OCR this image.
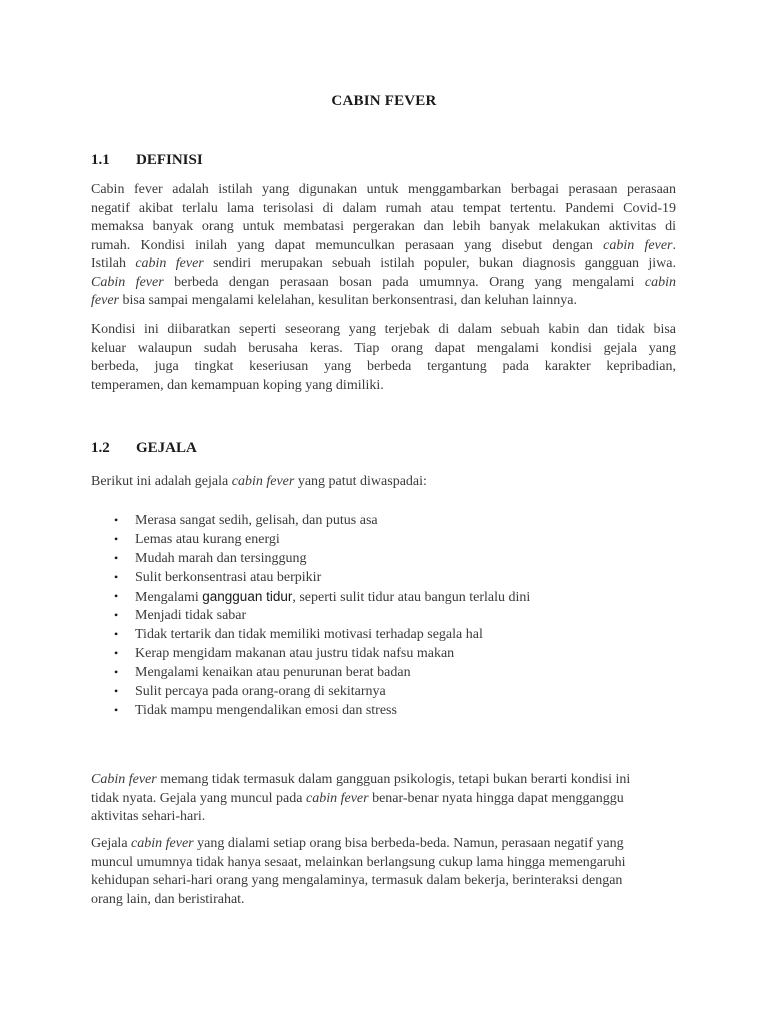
CABIN FEVER
1.1 DEFINISI
Cabin fever adalah istilah yang digunakan untuk menggambarkan berbagai perasaan perasaan
negatif akibat terlalu lama terisolasi di dalam rumah atau tempat tertentu. Pandemi Covid-19
memaksa banyak orang untuk membatasi pergerakan dan lebih banyak melakukan aktivitas di
rumah. Kondisi inilah yang dapat memunculkan perasaan yang disebut dengan cabin fever.
Istilah cabin fever sendiri merupakan sebuah istilah populer, bukan diagnosis gangguan jiwa.
Cabin fever berbeda dengan perasaan bosan pada umumnya. Orang yang mengalami cabin
fever bisa sampai mengalami kelelahan, kesulitan berkonsentrasi, dan keluhan lainnya.
Kondisi ini diibaratkan seperti seseorang yang terjebak di dalam sebuah kabin dan tidak bisa
keluar walaupun sudah berusaha keras. Tiap orang dapat mengalami kondisi gejala yang
berbeda, juga tingkat keseriusan yang berbeda tergantung pada karakter kepribadian,
temperamen, dan kemampuan koping yang dimiliki.
1.2 GEJALA
Berikut ini adalah gejala cabin fever yang patut diwaspadai:
• Merasa sangat sedih, gelisah, dan putus asa
• Lemas atau kurang energi
• Mudah marah dan tersinggung
• Sulit berkonsentrasi atau berpikir
• Mengalami gangguan tidur, seperti sulit tidur atau bangun terlalu dini
• Menjadi tidak sabar
• Tidak tertarik dan tidak memiliki motivasi terhadap segala hal
• Kerap mengidam makanan atau justru tidak nafsu makan
• Mengalami kenaikan atau penurunan berat badan
• Sulit percaya pada orang-orang di sekitarnya
• Tidak mampu mengendalikan emosi dan stress
Cabin fever memang tidak termasuk dalam gangguan psikologis, tetapi bukan berarti kondisi ini
tidak nyata. Gejala yang muncul pada cabin fever benar-benar nyata hingga dapat mengganggu
aktivitas sehari-hari.
Gejala cabin fever yang dialami setiap orang bisa berbeda-beda. Namun, perasaan negatif yang
muncul umumnya tidak hanya sesaat, melainkan berlangsung cukup lama hingga memengaruhi
kehidupan sehari-hari orang yang mengalaminya, termasuk dalam bekerja, berinteraksi dengan
orang lain, dan beristirahat.
